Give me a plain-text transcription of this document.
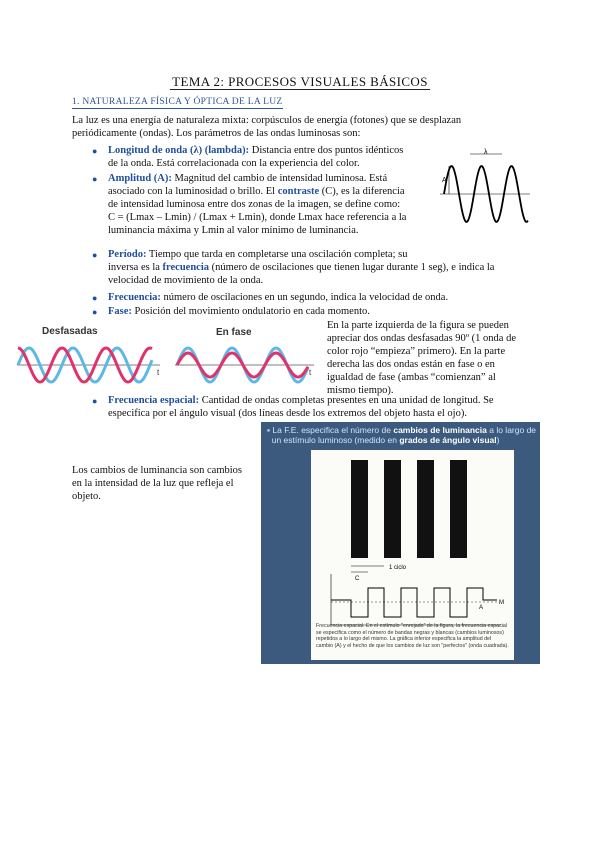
TEMA 2: PROCESOS VISUALES BÁSICOS
1. NATURALEZA FÍSICA Y ÓPTICA DE LA LUZ
La luz es una energía de naturaleza mixta: corpúsculos de energía (fotones) que se desplazan periódicamente (ondas). Los parámetros de las ondas luminosas son:
● Longitud de onda (λ) (lambda): Distancia entre dos puntos idénticos
de la onda. Está correlacionada con la experiencia del color.
● Amplitud (A): Magnitud del cambio de intensidad luminosa. Está
asociado con la luminosidad o brillo. El contraste (C), es la diferencia
de intensidad luminosa entre dos zonas de la imagen, se define como:
C = (Lmax – Lmin) / (Lmax + Lmin), donde Lmax hace referencia a la
luminancia máxima y Lmin al valor mínimo de luminancia.
λ
A
● Período: Tiempo que tarda en completarse una oscilación completa; su
inversa es la frecuencia (número de oscilaciones que tienen lugar durante 1 seg), e indica la
velocidad de movimiento de la onda.
● Frecuencia: número de oscilaciones en un segundo, indica la velocidad de onda.
● Fase: Posición del movimiento ondulatorio en cada momento.
Desfasadas	En fase
t	t
En la parte izquierda de la figura se pueden
apreciar dos ondas desfasadas 90º (1 onda de
color rojo “empieza” primero). En la parte
derecha las dos ondas están en fase o en
igualdad de fase (ambas “comienzan” al
mismo tiempo).
● Frecuencia espacial: Cantidad de ondas completas presentes en una unidad de longitud. Se
especifica por el ángulo visual (dos líneas desde los extremos del objeto hasta el ojo).
Los cambios de luminancia son cambios
en la intensidad de la luz que refleja el
objeto.
▪ La F.E. especifica el número de cambios de luminancia a lo largo de
un estímulo luminoso (medido en grados de ángulo visual)
1 ciclo
C
M
A
Frecuencia espacial. En el estímulo "enrejado" de la figura, la frecuencia espacial se especifica como el número de bandas negras y blancas (cambios luminosos) repetidos a lo largo del mismo. La gráfica inferior especifica la amplitud del cambio (A) y el hecho de que los cambios de luz son "perfectos" (onda cuadrada).
